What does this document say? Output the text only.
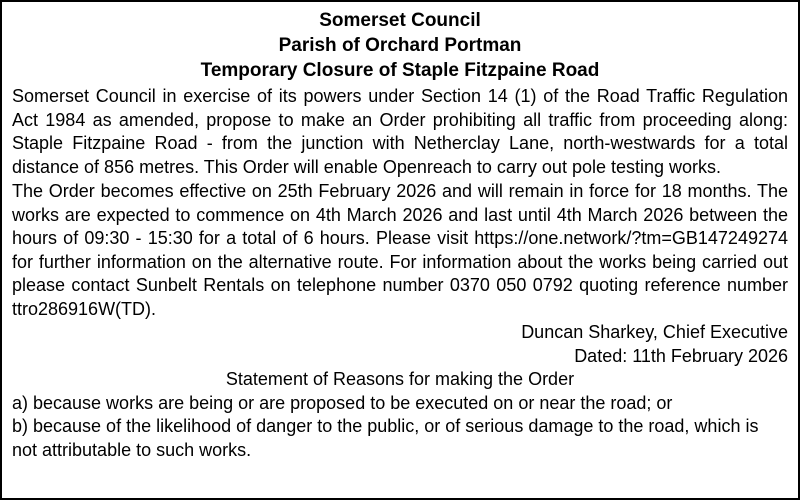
Somerset Council
Parish of Orchard Portman
Temporary Closure of Staple Fitzpaine Road

Somerset Council in exercise of its powers under Section 14 (1) of the Road Traffic Regulation Act 1984 as amended, propose to make an Order prohibiting all traffic from proceeding along: Staple Fitzpaine Road - from the junction with Netherclay Lane, north-westwards for a total distance of 856 metres. This Order will enable Openreach to carry out pole testing works.

The Order becomes effective on 25th February 2026 and will remain in force for 18 months. The works are expected to commence on 4th March 2026 and last until 4th March 2026 between the hours of 09:30 - 15:30 for a total of 6 hours. Please visit https://one.network/?tm=GB147249274 for further information on the alternative route. For information about the works being carried out please contact Sunbelt Rentals on telephone number 0370 050 0792 quoting reference number ttro286916W(TD).

Duncan Sharkey, Chief Executive
Dated: 11th February 2026
Statement of Reasons for making the Order
a) because works are being or are proposed to be executed on or near the road; or
b) because of the likelihood of danger to the public, or of serious damage to the road, which is not attributable to such works.
